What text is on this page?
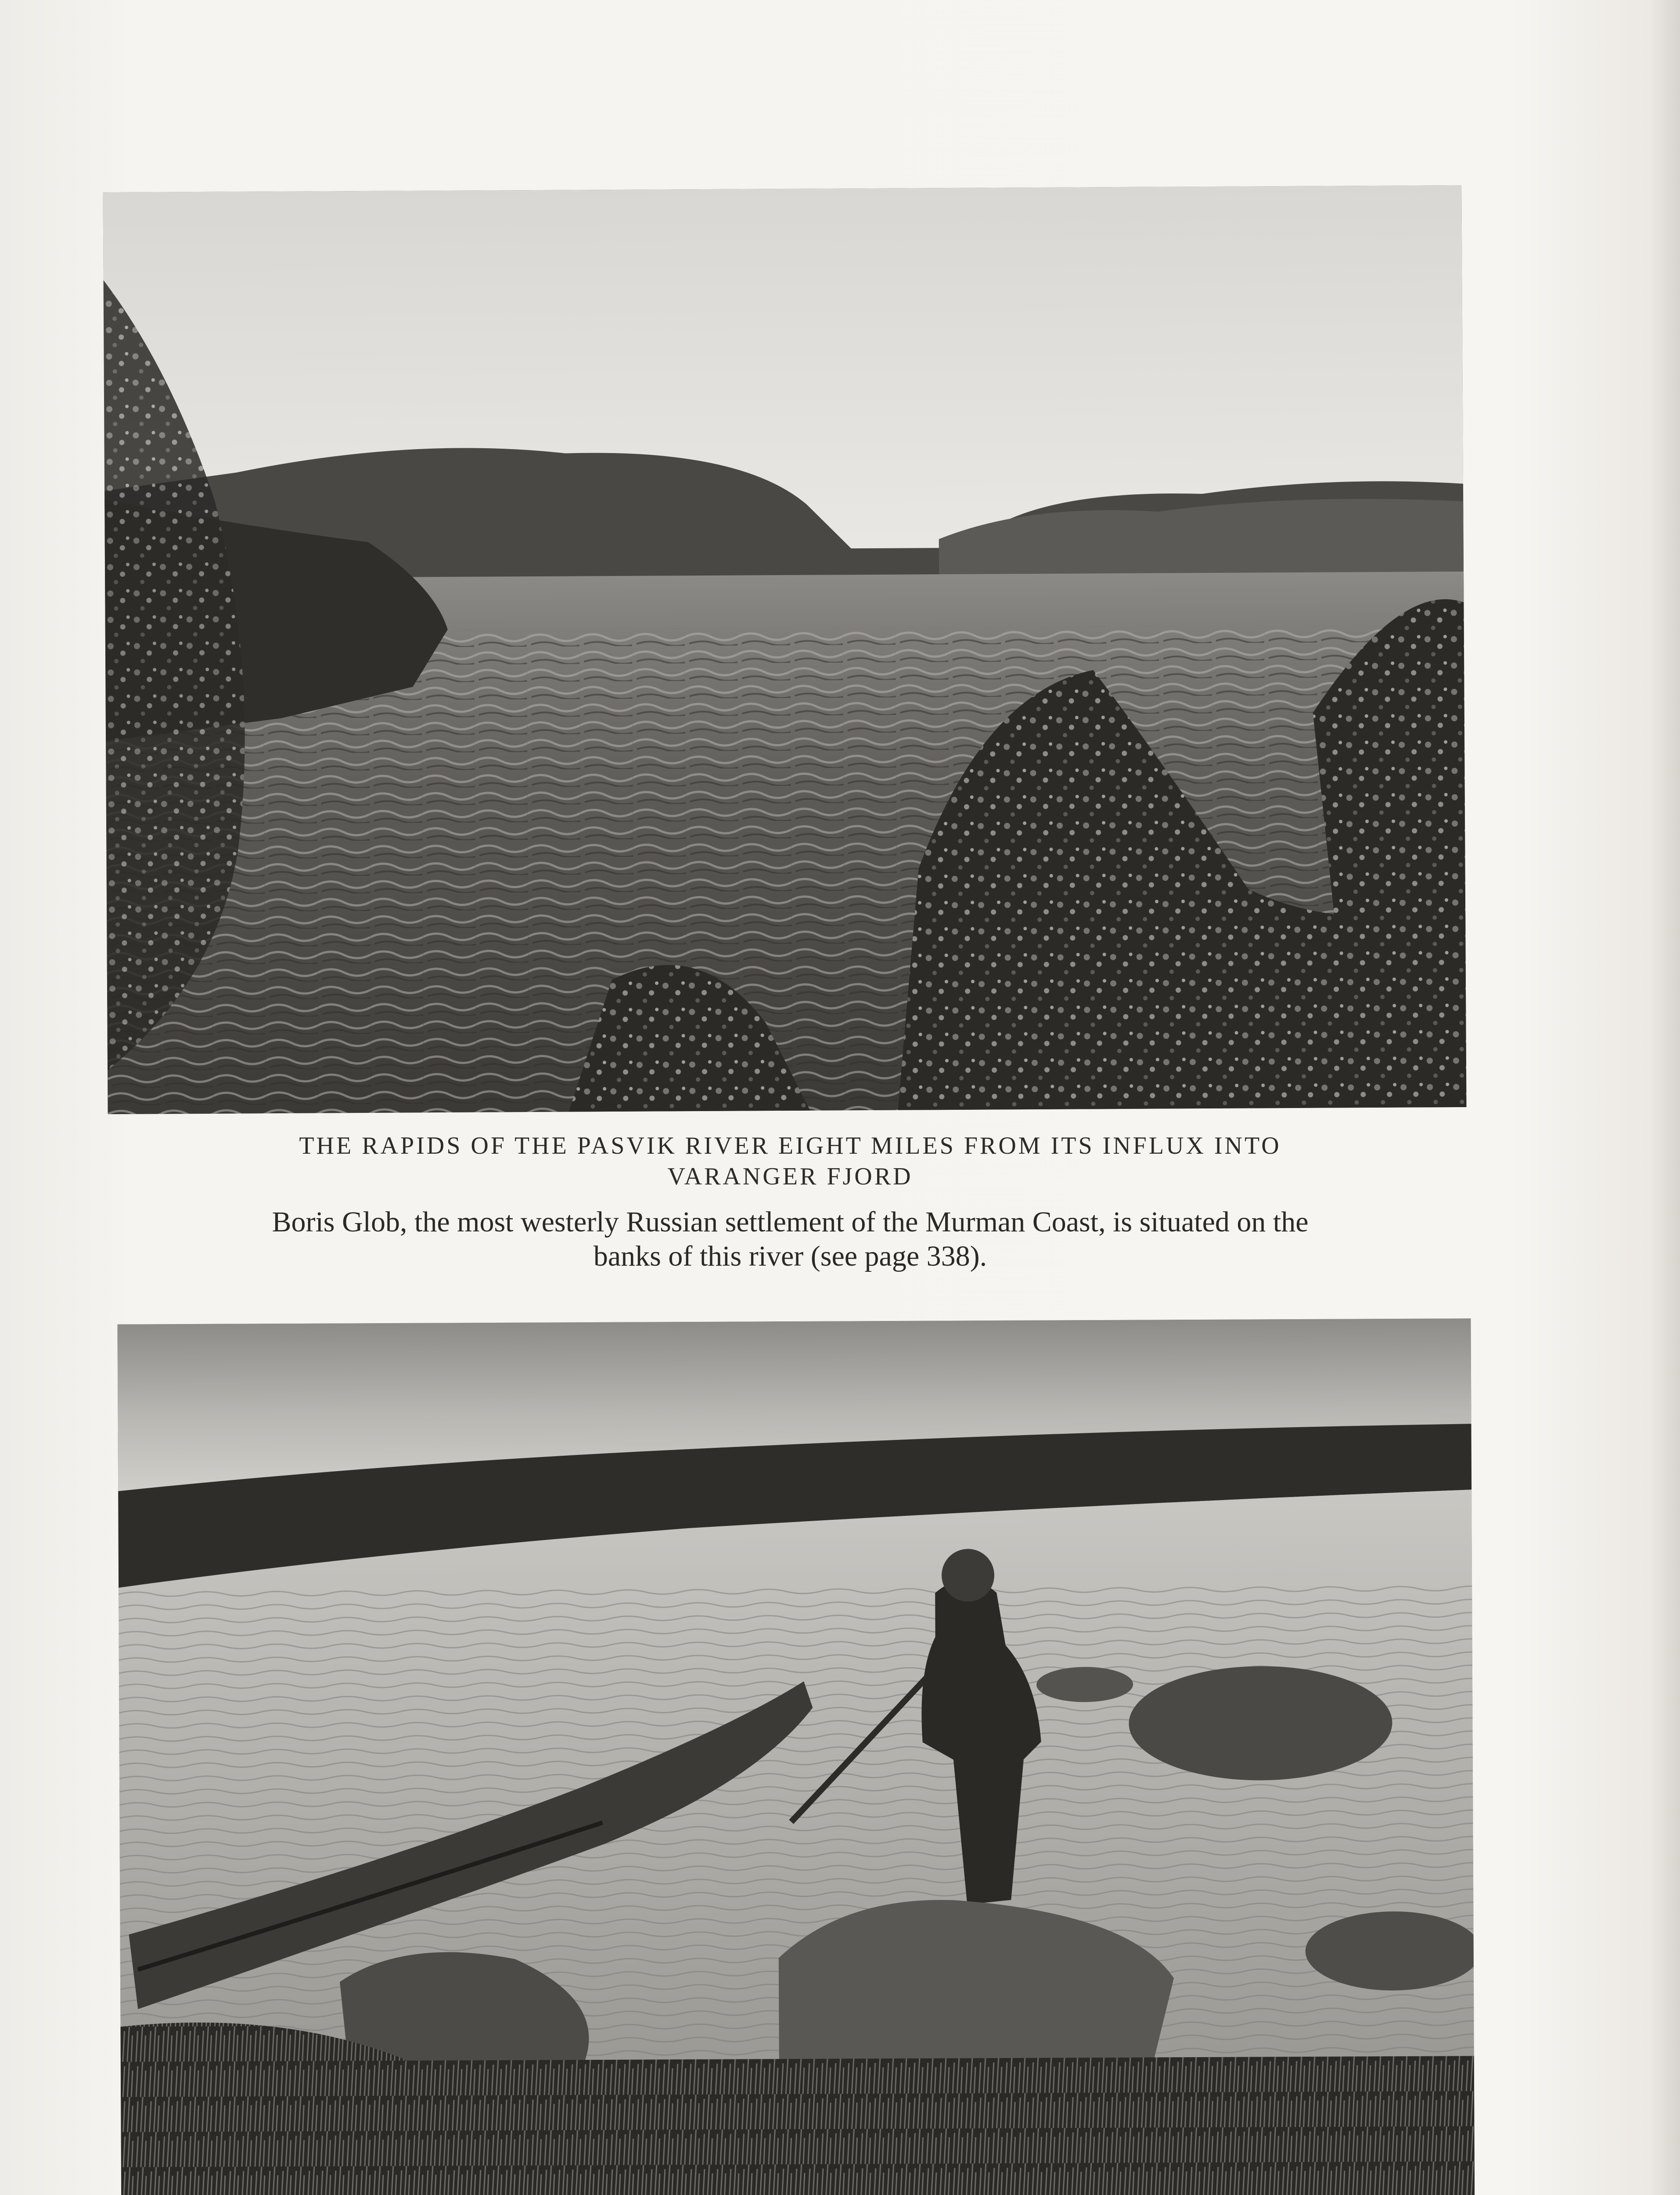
THE RAPIDS OF THE PASVIK RIVER EIGHT MILES FROM ITS INFLUX INTO
VARANGER FJORD
Boris Glob, the most westerly Russian settlement of the Murman Coast, is situated on the
banks of this river (see page 338).
